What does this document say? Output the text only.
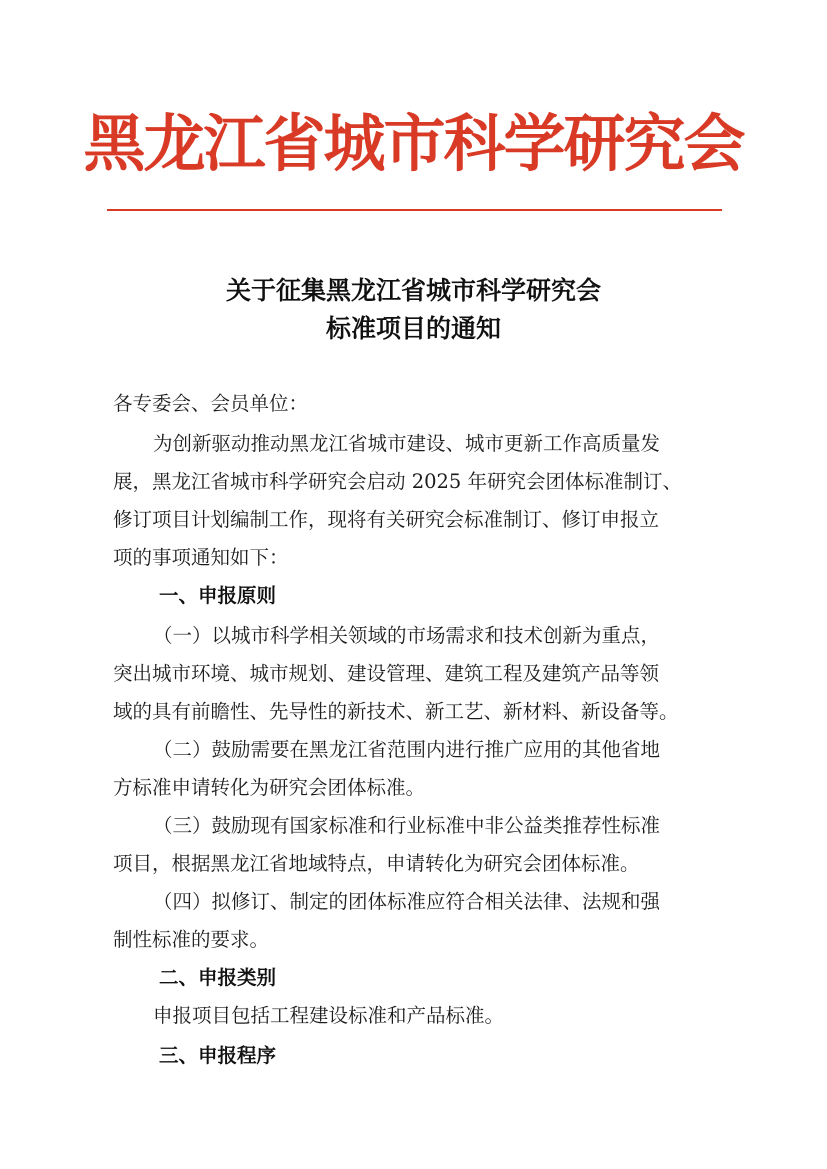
黑龙江省城市科学研究会
关于征集黑龙江省城市科学研究会
标准项目的通知
各专委会、会员单位：
为创新驱动推动黑龙江省城市建设、城市更新工作高质量发
展，黑龙江省城市科学研究会启动 2025 年研究会团体标准制订、
修订项目计划编制工作，现将有关研究会标准制订、修订申报立
项的事项通知如下：
一、申报原则
（一）以城市科学相关领域的市场需求和技术创新为重点，
突出城市环境、城市规划、建设管理、建筑工程及建筑产品等领
域的具有前瞻性、先导性的新技术、新工艺、新材料、新设备等。
（二）鼓励需要在黑龙江省范围内进行推广应用的其他省地
方标准申请转化为研究会团体标准。
（三）鼓励现有国家标准和行业标准中非公益类推荐性标准
项目，根据黑龙江省地域特点，申请转化为研究会团体标准。
（四）拟修订、制定的团体标准应符合相关法律、法规和强
制性标准的要求。
二、申报类别
申报项目包括工程建设标准和产品标准。
三、申报程序
